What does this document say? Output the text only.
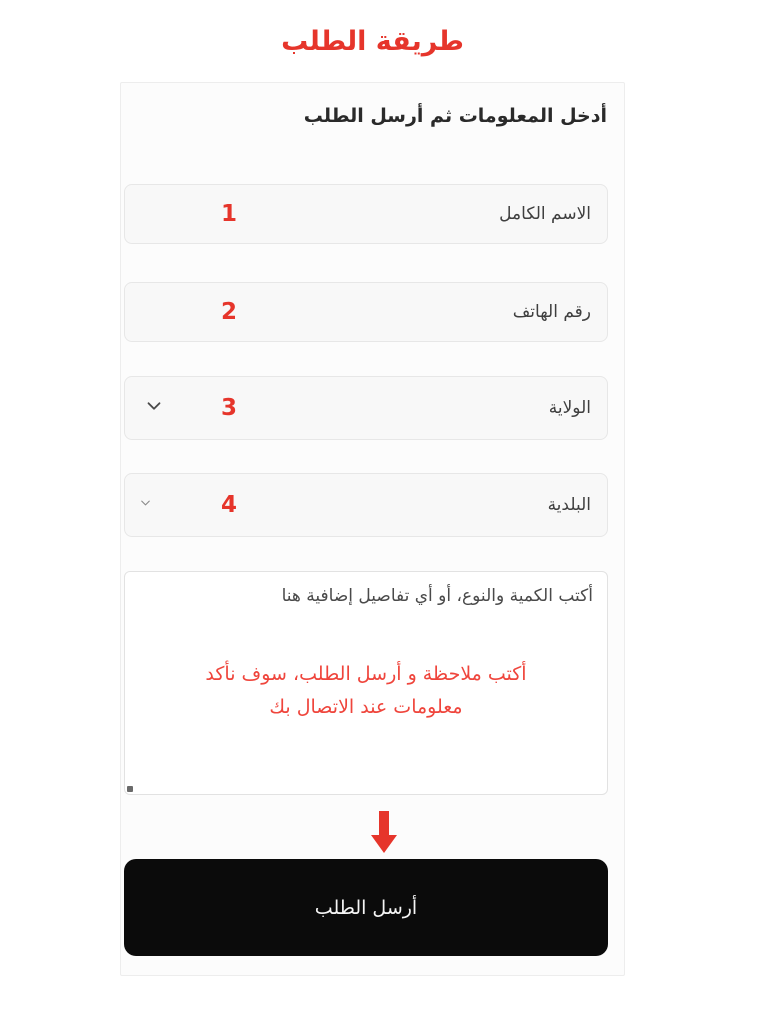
طريقة الطلب
أدخل المعلومات ثم أرسل الطلب
الاسم الكامل
1
رقم الهاتف
2
الولاية
3
البلدية
4
أكتب الكمية والنوع، أو أي تفاصيل إضافية هنا
أكتب ملاحظة و أرسل الطلب، سوف نأكد
معلومات عند الاتصال بك
أرسل الطلب
